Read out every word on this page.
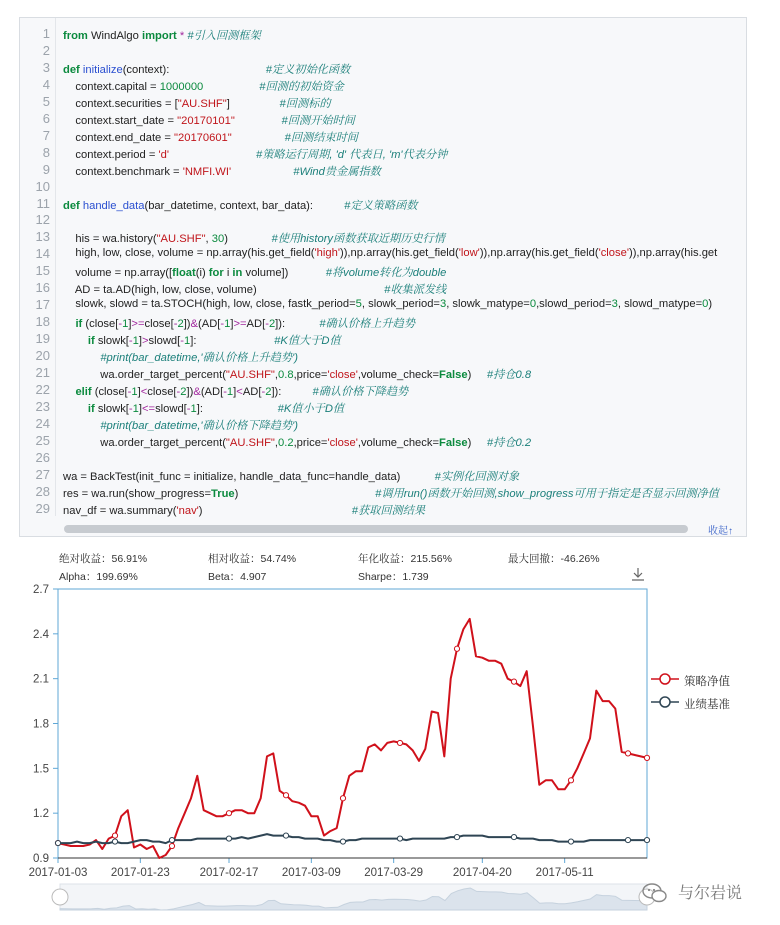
1
2
3
4
5
6
7
8
9
10
11
12
13
14
15
16
17
18
19
20
21
22
23
24
25
26
27
28
29
from WindAlgo import * #引入回测框架
def initialize(context):                               #定义初始化函数
context.capital = 1000000	#回测的初始资金
context.securities = ["AU.SHF"]                #回测标的
context.start_date = "20170101"	#回测开始时间
context.end_date = "20170601"	#回测结束时间
context.period = 'd'	#策略运行周期, 'd' 代表日, 'm'代表分钟
context.benchmark = 'NMFI.WI'	#Wind贵金属指数
def handle_data(bar_datetime, context, bar_data):          #定义策略函数
his = wa.history("AU.SHF", 30)              #使用history函数获取近期历史行情
high, low, close, volume = np.array(his.get_field('high')),np.array(his.get_field('low')),np.array(his.get_field('close')),np.array(his.get
volume = np.array([float(i) for i in volume])            #将volume转化为double
AD = ta.AD(high, low, close, volume)                                         #收集派发线
slowk, slowd = ta.STOCH(high, low, close, fastk_period=5, slowk_period=3, slowk_matype=0,slowd_period=3, slowd_matype=0)
if (close[-1]>=close[-2])&(AD[-1]>=AD[-2]):           #确认价格上升趋势
if slowk[-1]>slowd[-1]:                         #K值大于D值
#print(bar_datetime,'确认价格上升趋势')
wa.order_target_percent("AU.SHF",0.8,price='close',volume_check=False)     #持仓0.8
elif (close[-1]<close[-2])&(AD[-1]<AD[-2]):          #确认价格下降趋势
if slowk[-1]<=slowd[-1]:                        #K值小于D值
#print(bar_datetime,'确认价格下降趋势')
wa.order_target_percent("AU.SHF",0.2,price='close',volume_check=False)     #持仓0.2
wa = BackTest(init_func = initialize, handle_data_func=handle_data)           #实例化回测对象
res = wa.run(show_progress=True)                                            #调用run()函数开始回测,show_progress可用于指定是否显示回测净值
nav_df = wa.summary('nav')                                                #获取回测结果
收起↑
绝对收益：56.91%	相对收益：54.74%	年化收益：215.56%	最大回撤：-46.26%
Alpha：199.69%	Beta：4.907	Sharpe：1.739
2.7
2.4
2.1
1.8
1.5
1.2
0.9
2017-01-03 2017-01-23	2017-02-17 2017-03-09 2017-03-29	2017-04-20 2017-05-11
策略净值
业绩基准
与尔岩说
